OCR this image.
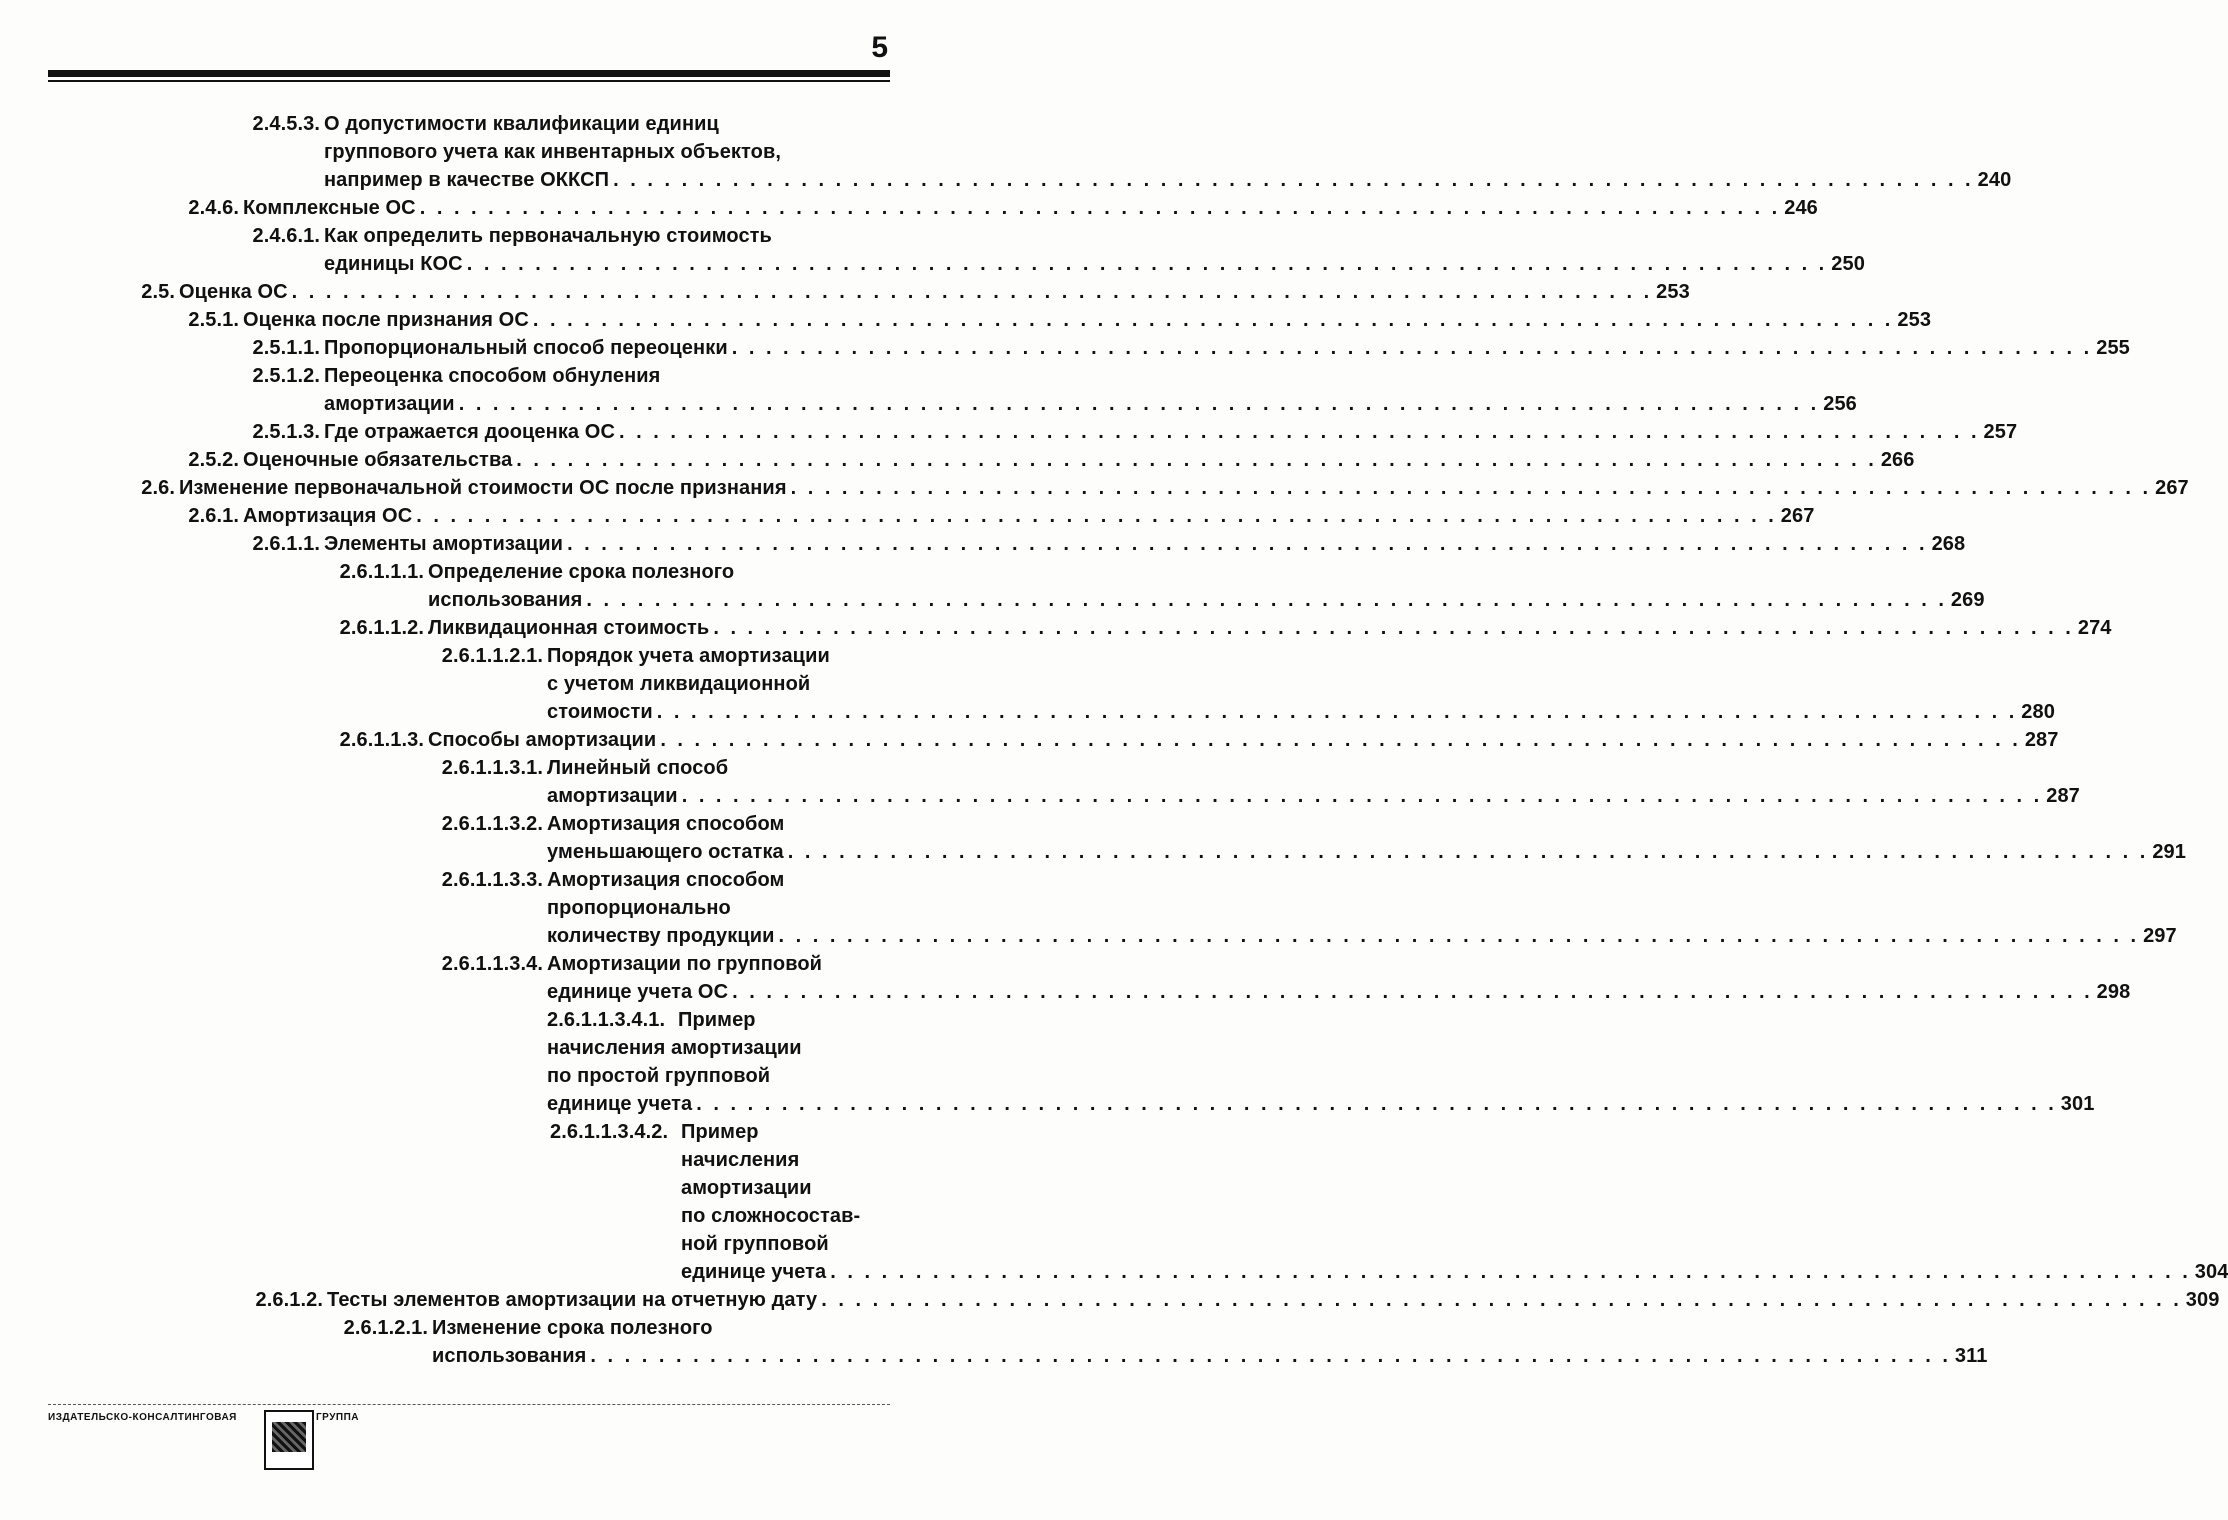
5
2.4.5.3. О допустимости квалификации единиц
группового учета как инвентарных объектов,
например в качестве ОККСП . . . . . . . . . . . . . . . . . . . . . . . . . . . . . . . . . . . . . . . . . . . . . . . . . . . . . . . . . . . . . . . . . . . . . . . . . . . . . . . . 240
2.4.6. Комплексные ОС . . . . . . . . . . . . . . . . . . . . . . . . . . . . . . . . . . . . . . . . . . . . . . . . . . . . . . . . . . . . . . . . . . . . . . . . . . . . . . . . 246
2.4.6.1. Как определить первоначальную стоимость
единицы КОС . . . . . . . . . . . . . . . . . . . . . . . . . . . . . . . . . . . . . . . . . . . . . . . . . . . . . . . . . . . . . . . . . . . . . . . . . . . . . . . . 250
2.5. Оценка ОС . . . . . . . . . . . . . . . . . . . . . . . . . . . . . . . . . . . . . . . . . . . . . . . . . . . . . . . . . . . . . . . . . . . . . . . . . . . . . . . . 253
2.5.1. Оценка после признания ОС . . . . . . . . . . . . . . . . . . . . . . . . . . . . . . . . . . . . . . . . . . . . . . . . . . . . . . . . . . . . . . . . . . . . . . . . . . . . . . . . 253
2.5.1.1. Пропорциональный способ переоценки . . . . . . . . . . . . . . . . . . . . . . . . . . . . . . . . . . . . . . . . . . . . . . . . . . . . . . . . . . . . . . . . . . . . . . . . . . . . . . . . 255
2.5.1.2. Переоценка способом обнуления
амортизации . . . . . . . . . . . . . . . . . . . . . . . . . . . . . . . . . . . . . . . . . . . . . . . . . . . . . . . . . . . . . . . . . . . . . . . . . . . . . . . . 256
2.5.1.3. Где отражается дооценка ОС . . . . . . . . . . . . . . . . . . . . . . . . . . . . . . . . . . . . . . . . . . . . . . . . . . . . . . . . . . . . . . . . . . . . . . . . . . . . . . . . 257
2.5.2. Оценочные обязательства . . . . . . . . . . . . . . . . . . . . . . . . . . . . . . . . . . . . . . . . . . . . . . . . . . . . . . . . . . . . . . . . . . . . . . . . . . . . . . . . 266
2.6. Изменение первоначальной стоимости ОС после признания . . . . . . . . . . . . . . . . . . . . . . . . . . . . . . . . . . . . . . . . . . . . . . . . . . . . . . . . . . . . . . . . . . . . . . . . . . . . . . . . 267
2.6.1. Амортизация ОС . . . . . . . . . . . . . . . . . . . . . . . . . . . . . . . . . . . . . . . . . . . . . . . . . . . . . . . . . . . . . . . . . . . . . . . . . . . . . . . . 267
2.6.1.1. Элементы амортизации . . . . . . . . . . . . . . . . . . . . . . . . . . . . . . . . . . . . . . . . . . . . . . . . . . . . . . . . . . . . . . . . . . . . . . . . . . . . . . . . 268
2.6.1.1.1. Определение срока полезного
использования . . . . . . . . . . . . . . . . . . . . . . . . . . . . . . . . . . . . . . . . . . . . . . . . . . . . . . . . . . . . . . . . . . . . . . . . . . . . . . . . 269
2.6.1.1.2. Ликвидационная стоимость . . . . . . . . . . . . . . . . . . . . . . . . . . . . . . . . . . . . . . . . . . . . . . . . . . . . . . . . . . . . . . . . . . . . . . . . . . . . . . . . 274
2.6.1.1.2.1. Порядок учета амортизации
с учетом ликвидационной
стоимости . . . . . . . . . . . . . . . . . . . . . . . . . . . . . . . . . . . . . . . . . . . . . . . . . . . . . . . . . . . . . . . . . . . . . . . . . . . . . . . . 280
2.6.1.1.3. Способы амортизации . . . . . . . . . . . . . . . . . . . . . . . . . . . . . . . . . . . . . . . . . . . . . . . . . . . . . . . . . . . . . . . . . . . . . . . . . . . . . . . . 287
2.6.1.1.3.1. Линейный способ
амортизации . . . . . . . . . . . . . . . . . . . . . . . . . . . . . . . . . . . . . . . . . . . . . . . . . . . . . . . . . . . . . . . . . . . . . . . . . . . . . . . . 287
2.6.1.1.3.2. Амортизация способом
уменьшающего остатка . . . . . . . . . . . . . . . . . . . . . . . . . . . . . . . . . . . . . . . . . . . . . . . . . . . . . . . . . . . . . . . . . . . . . . . . . . . . . . . . 291
2.6.1.1.3.3. Амортизация способом
пропорционально
количеству продукции . . . . . . . . . . . . . . . . . . . . . . . . . . . . . . . . . . . . . . . . . . . . . . . . . . . . . . . . . . . . . . . . . . . . . . . . . . . . . . . . 297
2.6.1.1.3.4. Амортизации по групповой
единице учета ОС . . . . . . . . . . . . . . . . . . . . . . . . . . . . . . . . . . . . . . . . . . . . . . . . . . . . . . . . . . . . . . . . . . . . . . . . . . . . . . . . 298
2.6.1.1.3.4.1. Пример
начисления амортизации
по простой групповой
единице учета . . . . . . . . . . . . . . . . . . . . . . . . . . . . . . . . . . . . . . . . . . . . . . . . . . . . . . . . . . . . . . . . . . . . . . . . . . . . . . . . 301
2.6.1.1.3.4.2. Пример
начисления
амортизации
по сложносостав-
ной групповой
единице учета . . . . . . . . . . . . . . . . . . . . . . . . . . . . . . . . . . . . . . . . . . . . . . . . . . . . . . . . . . . . . . . . . . . . . . . . . . . . . . . . 304
2.6.1.2. Тесты элементов амортизации на отчетную дату . . . . . . . . . . . . . . . . . . . . . . . . . . . . . . . . . . . . . . . . . . . . . . . . . . . . . . . . . . . . . . . . . . . . . . . . . . . . . . . . 309
2.6.1.2.1. Изменение срока полезного
использования . . . . . . . . . . . . . . . . . . . . . . . . . . . . . . . . . . . . . . . . . . . . . . . . . . . . . . . . . . . . . . . . . . . . . . . . . . . . . . . . 311
ИЗДАТЕЛЬСКО-КОНСАЛТИНГОВАЯ	ГРУППА
